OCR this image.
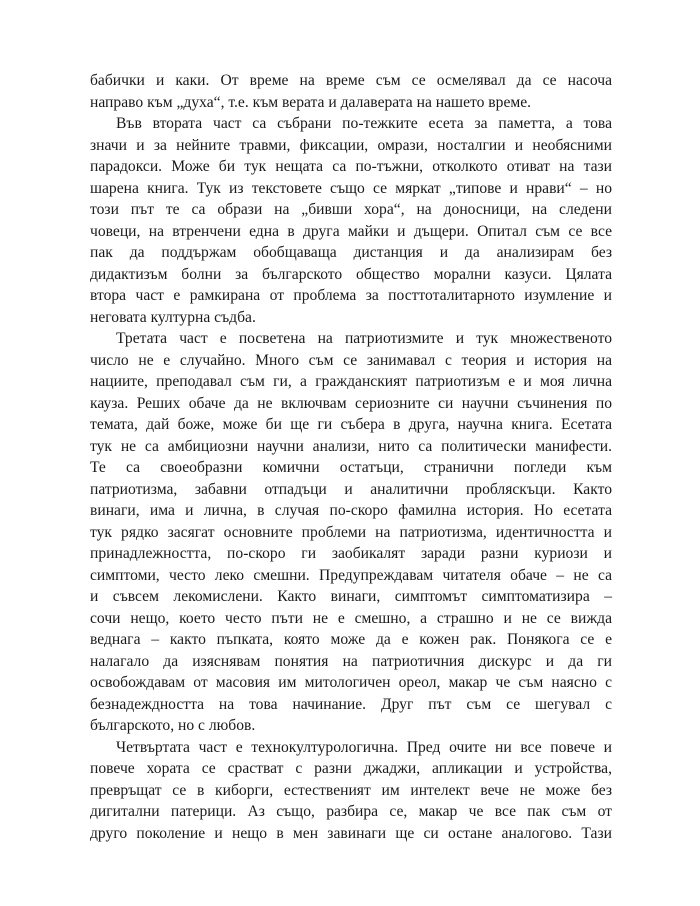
бабички и каки. От време на време съм се осмелявал да се насоча
направо към „духа“, т.е. към верата и далаверата на нашето време.

Във втората част са събрани по-тежките есета за паметта, а това
значи и за нейните травми, фиксации, омрази, носталгии и необясними
парадокси. Може би тук нещата са по-тъжни, отколкото отиват на тази
шарена книга. Тук из текстовете също се мяркат „типове и нрави“ – но
този път те са образи на „бивши хора“, на доносници, на следени
човеци, на втренчени една в друга майки и дъщери. Опитал съм се все
пак да поддържам обобщаваща дистанция и да анализирам без
дидактизъм болни за българското общество морални казуси. Цялата
втора част е рамкирана от проблема за посттоталитарното изумление и
неговата културна съдба.

Третата част е посветена на патриотизмите и тук множественото
число не е случайно. Много съм се занимавал с теория и история на
нациите, преподавал съм ги, а гражданският патриотизъм е и моя лична
кауза. Реших обаче да не включвам сериозните си научни съчинения по
темата, дай боже, може би ще ги събера в друга, научна книга. Есетата
тук не са амбициозни научни анализи, нито са политически манифести.
Те са своеобразни комични остатъци, странични погледи към
патриотизма, забавни отпадъци и аналитични пробляскъци. Както
винаги, има и лична, в случая по-скоро фамилна история. Но есетата
тук рядко засягат основните проблеми на патриотизма, идентичността и
принадлежността, по-скоро ги заобикалят заради разни куриози и
симптоми, често леко смешни. Предупреждавам читателя обаче – не са
и съвсем лекомислени. Както винаги, симптомът симптоматизира –
сочи нещо, което често пъти не е смешно, а страшно и не се вижда
веднага – както пъпката, която може да е кожен рак. Понякога се е
налагало да изяснявам понятия на патриотичния дискурс и да ги
освобождавам от масовия им митологичен ореол, макар че съм наясно с
безнадеждността на това начинание. Друг път съм се шегувал с
българското, но с любов.

Четвъртата част е технокултурологична. Пред очите ни все повече и
повече хората се срастват с разни джаджи, апликации и устройства,
превръщат се в киборги, естественият им интелект вече не може без
дигитални патерици. Аз също, разбира се, макар че все пак съм от
друго поколение и нещо в мен завинаги ще си остане аналогово. Тази
